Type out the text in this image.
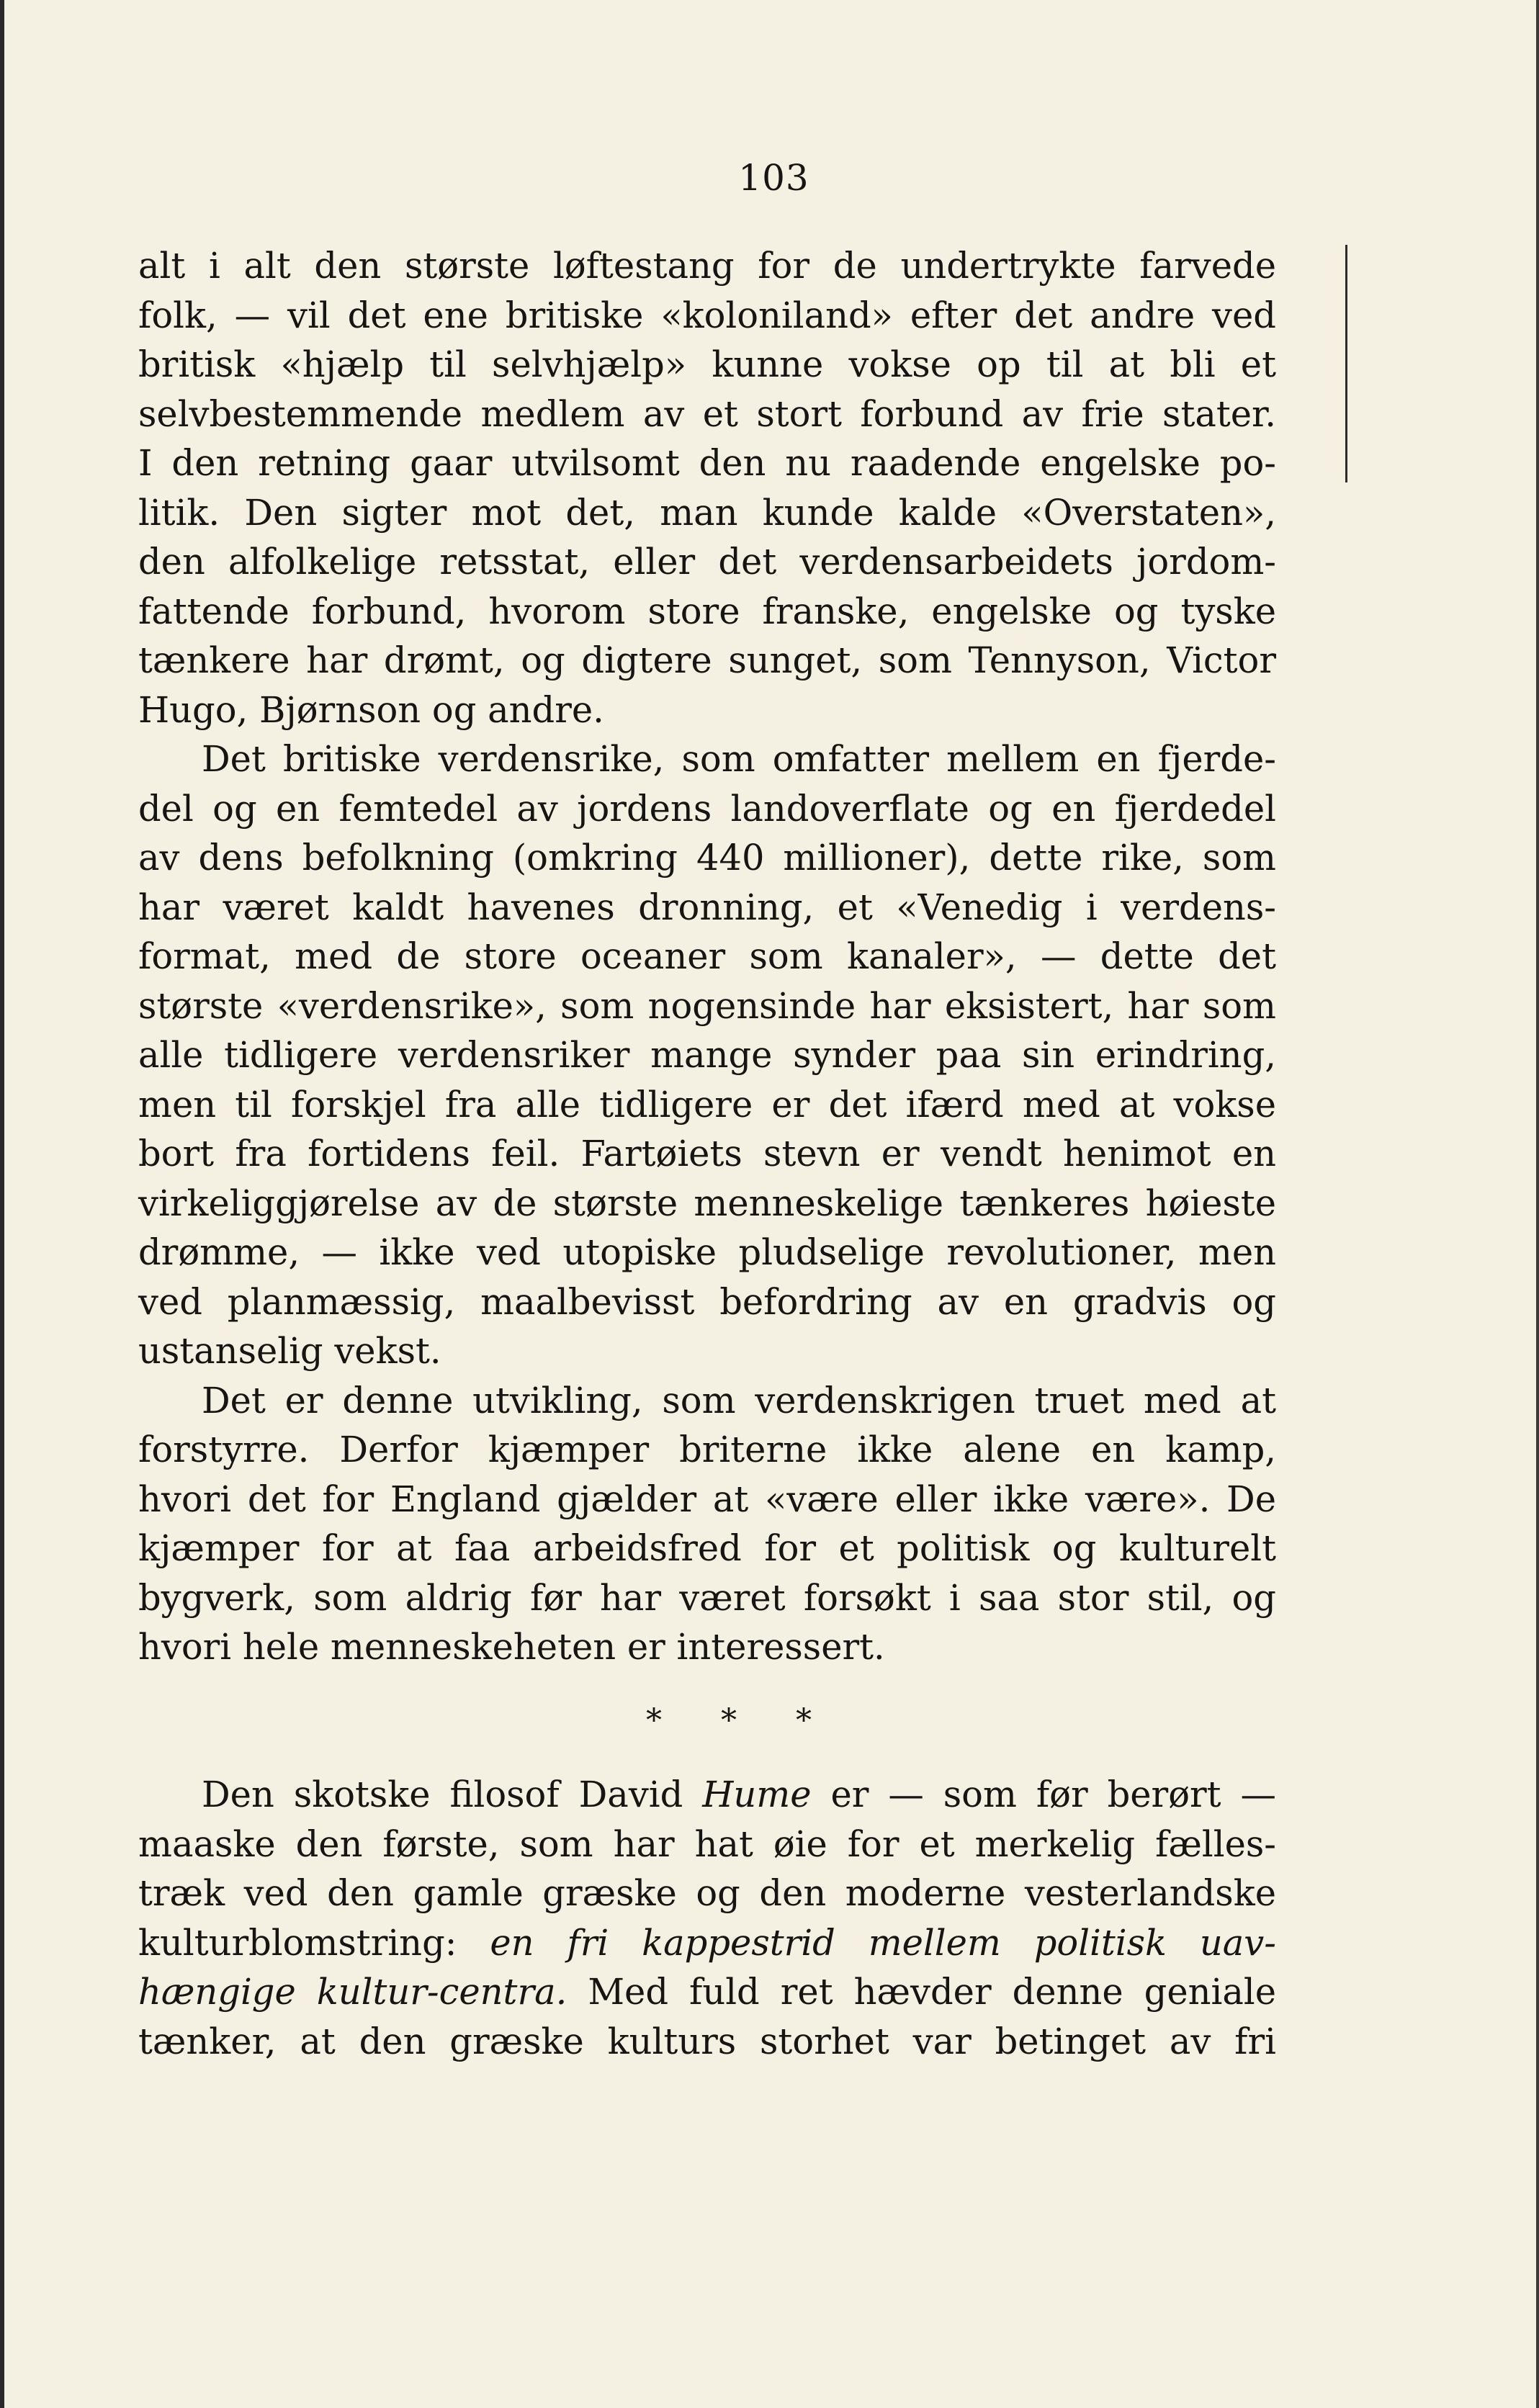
103
alt i alt den største løftestang for de undertrykte farvede
folk, — vil det ene britiske «koloniland» efter det andre ved
britisk «hjælp til selvhjælp» kunne vokse op til at bli et
selvbestemmende medlem av et stort forbund av frie stater.
I den retning gaar utvilsomt den nu raadende engelske po-
litik. Den sigter mot det, man kunde kalde «Overstaten»,
den alfolkelige retsstat, eller det verdensarbeidets jordom-
fattende forbund, hvorom store franske, engelske og tyske
tænkere har drømt, og digtere sunget, som Tennyson, Victor
Hugo, Bjørnson og andre.
Det britiske verdensrike, som omfatter mellem en fjerde-
del og en femtedel av jordens landoverflate og en fjerdedel
av dens befolkning (omkring 440 millioner), dette rike, som
har været kaldt havenes dronning, et «Venedig i verdens-
format, med de store oceaner som kanaler», — dette det
største «verdensrike», som nogensinde har eksistert, har som
alle tidligere verdensriker mange synder paa sin erindring,
men til forskjel fra alle tidligere er det ifærd med at vokse
bort fra fortidens feil. Fartøiets stevn er vendt henimot en
virkeliggjørelse av de største menneskelige tænkeres høieste
drømme, — ikke ved utopiske pludselige revolutioner, men
ved planmæssig, maalbevisst befordring av en gradvis og
ustanselig vekst.
Det er denne utvikling, som verdenskrigen truet med at
forstyrre. Derfor kjæmper briterne ikke alene en kamp,
hvori det for England gjælder at «være eller ikke være». De
kjæmper for at faa arbeidsfred for et politisk og kulturelt
bygverk, som aldrig før har været forsøkt i saa stor stil, og
hvori hele menneskeheten er interessert.
* * *
Den skotske filosof David Hume er — som før berørt —
maaske den første, som har hat øie for et merkelig fælles-
træk ved den gamle græske og den moderne vesterlandske
kulturblomstring: en fri kappestrid mellem politisk uav-
hængige kultur-centra. Med fuld ret hævder denne geniale
tænker, at den græske kulturs storhet var betinget av fri
